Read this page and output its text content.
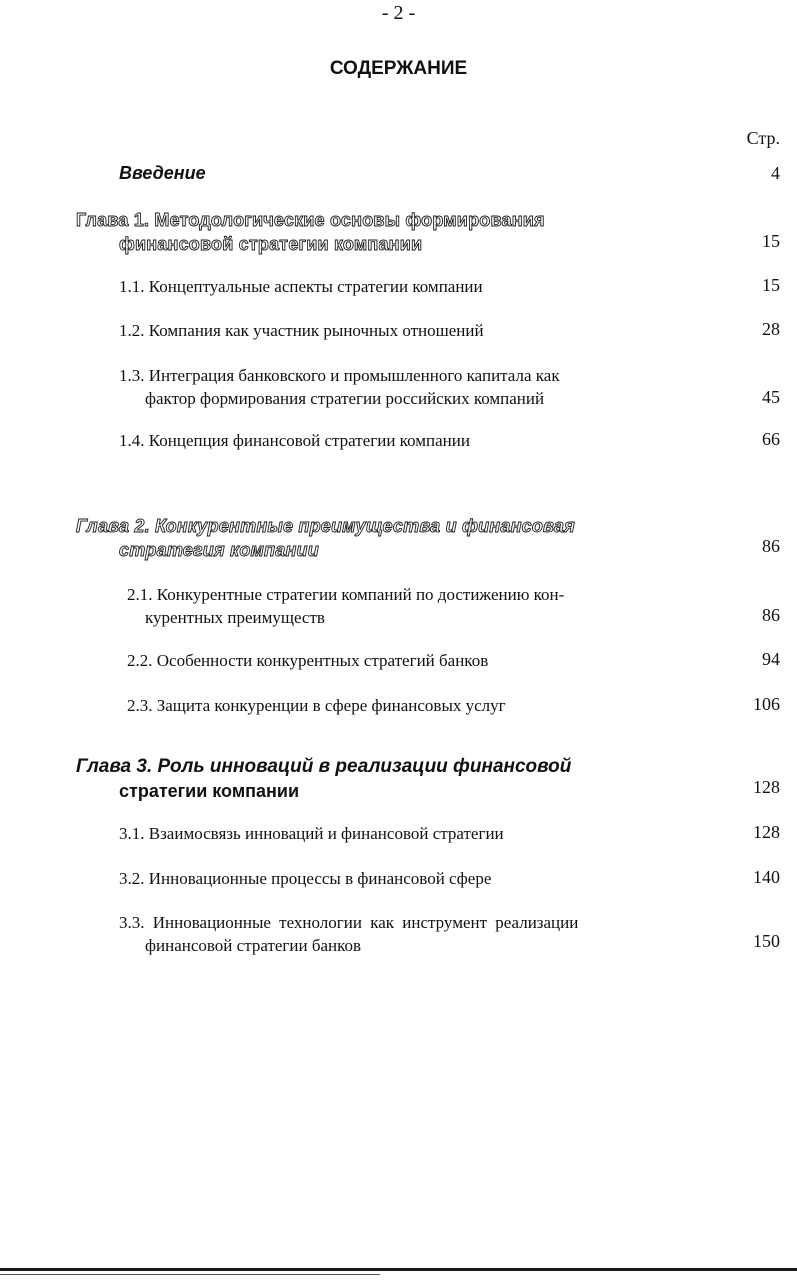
- 2 -
СОДЕРЖАНИЕ
Стр.
Введение	4
Глава 1. Методологические основы формирования
финансовой стратегии компании	15
1.1. Концептуальные аспекты стратегии компании	15
1.2. Компания как участник рыночных отношений	28
1.3. Интеграция банковского и промышленного капитала как
фактор формирования стратегии российских компаний	45
1.4. Концепция финансовой стратегии компании	66
Глава 2. Конкурентные преимущества и финансовая
стратегия компании	86
2.1. Конкурентные стратегии компаний по достижению кон-
курентных преимуществ	86
2.2. Особенности конкурентных стратегий банков	94
2.3. Защита конкуренции в сфере финансовых услуг	106
Глава 3. Роль инноваций в реализации финансовой
стратегии компании	128
3.1. Взаимосвязь инноваций и финансовой стратегии	128
3.2. Инновационные процессы в финансовой сфере	140
3.3. Инновационные технологии как инструмент реализации
финансовой стратегии банков	150
